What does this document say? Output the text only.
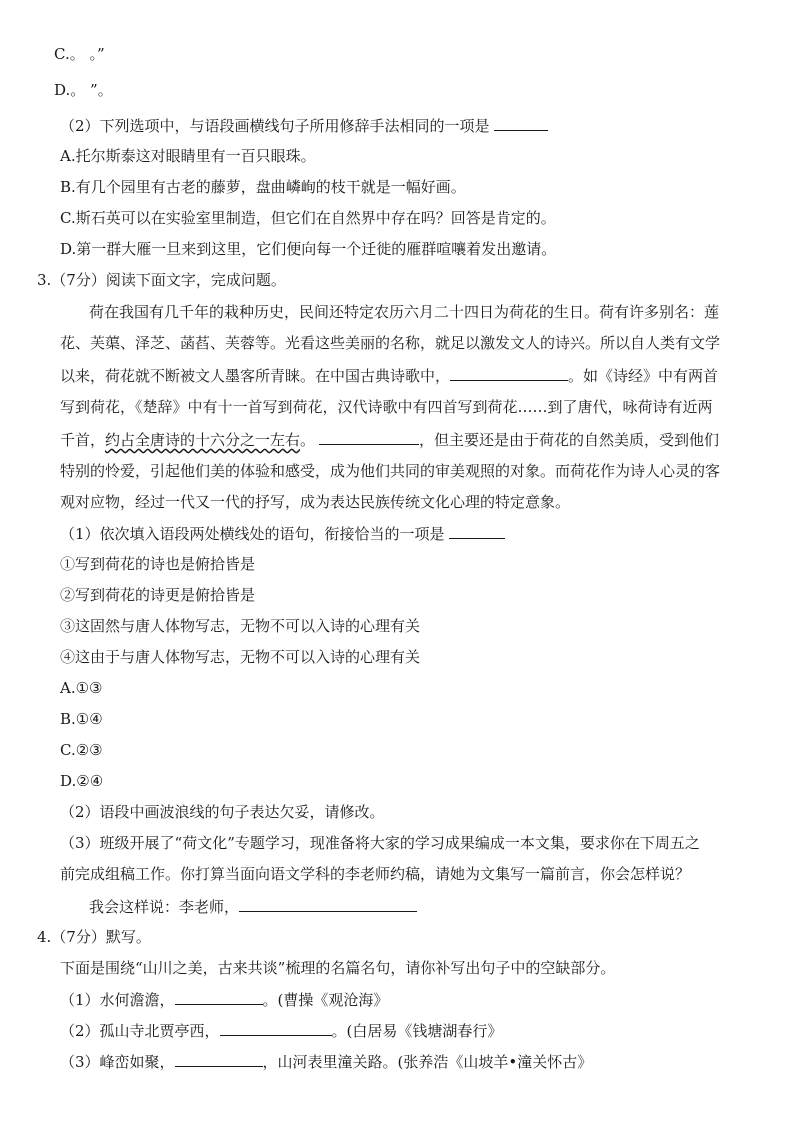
C.。 。”
D.。 ”。
（2）下列选项中，与语段画横线句子所用修辞手法相同的一项是
A.托尔斯泰这对眼睛里有一百只眼珠。
B.有几个园里有古老的藤萝，盘曲嶙峋的枝干就是一幅好画。
C.斯石英可以在实验室里制造，但它们在自然界中存在吗？回答是肯定的。
D.第一群大雁一旦来到这里，它们便向每一个迁徙的雁群喧嚷着发出邀请。
3.（7分）阅读下面文字，完成问题。
荷在我国有几千年的栽种历史，民间还特定农历六月二十四日为荷花的生日。荷有许多别名：莲
花、芙蕖、泽芝、菡萏、芙蓉等。光看这些美丽的名称，就足以激发文人的诗兴。所以自人类有文学
以来，荷花就不断被文人墨客所青睐。在中国古典诗歌中，	。如《诗经》中有两首
写到荷花，《楚辞》中有十一首写到荷花，汉代诗歌中有四首写到荷花……到了唐代，咏荷诗有近两
千首，约占全唐诗的十六分之一左右。	，但主要还是由于荷花的自然美质，受到他们
特别的怜爱，引起他们美的体验和感受，成为他们共同的审美观照的对象。而荷花作为诗人心灵的客
观对应物，经过一代又一代的抒写，成为表达民族传统文化心理的特定意象。
（1）依次填入语段两处横线处的语句，衔接恰当的一项是
①写到荷花的诗也是俯拾皆是
②写到荷花的诗更是俯拾皆是
③这固然与唐人体物写志，无物不可以入诗的心理有关
④这由于与唐人体物写志，无物不可以入诗的心理有关
A.①③
B.①④
C.②③
D.②④
（2）语段中画波浪线的句子表达欠妥，请修改。
（3）班级开展了“荷文化”专题学习，现准备将大家的学习成果编成一本文集，要求你在下周五之
前完成组稿工作。你打算当面向语文学科的李老师约稿，请她为文集写一篇前言，你会怎样说？
我会这样说：李老师，
4.（7分）默写。
下面是围绕“山川之美，古来共谈”梳理的名篇名句，请你补写出句子中的空缺部分。
（1）水何澹澹，	。(曹操《观沧海》
（2）孤山寺北贾亭西，	。(白居易《钱塘湖春行》
（3）峰峦如聚，	，山河表里潼关路。(张养浩《山坡羊•潼关怀古》
